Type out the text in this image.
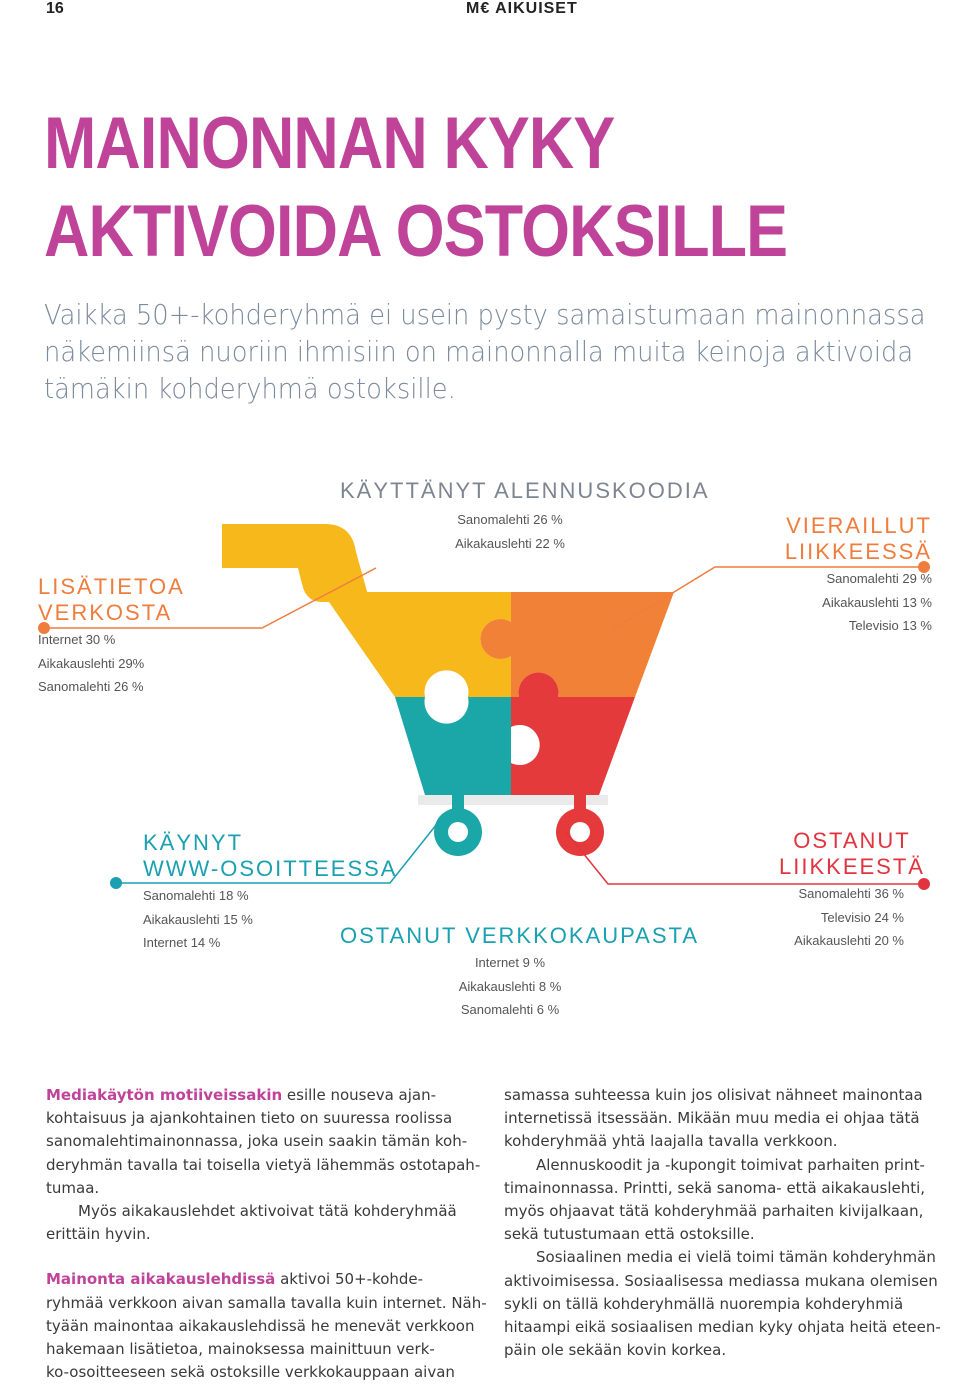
16	M€ AIKUISET
MAINONNAN KYKY
AKTIVOIDA OSTOKSILLE
Vaikka 50+-kohderyhmä ei usein pysty samaistumaan mainonnassa
näkemiinsä nuoriin ihmisiin on mainonnalla muita keinoja aktivoida
tämäkin kohderyhmä ostoksille.
LISÄTIETOA
VERKOSTA
Internet 30 %
Aikakauslehti 29%
Sanomalehti 26 %
KÄYTTÄNYT ALENNUSKOODIA
Sanomalehti 26 %
Aikakauslehti 22 %
VIERAILLUT
LIIKKEESSÄ
Sanomalehti 29 %
Aikakauslehti 13 %
Televisio 13 %
KÄYNYT
WWW-OSOITTEESSA
Sanomalehti 18 %
Aikakauslehti 15 %
Internet 14 %	OSTANUT VERKKOKAUPASTA
Internet 9 %
Aikakauslehti 8 %
Sanomalehti 6 %
OSTANUT
LIIKKEESTÄ
Sanomalehti 36 %
Televisio 24 %
Aikakauslehti 20 %

Mediakäytön motiiveissakin esille nouseva ajan-
kohtaisuus ja ajankohtainen tieto on suuressa roolissa
sanomalehtimainonnassa, joka usein saakin tämän koh-
deryhmän tavalla tai toisella vietyä lähemmäs ostotapah-
tumaa.

Myös aikakauslehdet aktivoivat tätä kohderyhmää
erittäin hyvin.

Mainonta aikakauslehdissä aktivoi 50+-kohde-
ryhmää verkkoon aivan samalla tavalla kuin internet. Näh-
tyään mainontaa aikakauslehdissä he menevät verkkoon
hakemaan lisätietoa, mainoksessa mainittuun verk-
ko-osoitteeseen sekä ostoksille verkkokauppaan aivan

samassa suhteessa kuin jos olisivat nähneet mainontaa
internetissä itsessään. Mikään muu media ei ohjaa tätä
kohderyhmää yhtä laajalla tavalla verkkoon.

Alennuskoodit ja -kupongit toimivat parhaiten print-
timainonnassa. Printti, sekä sanoma- että aikakauslehti,
myös ohjaavat tätä kohderyhmää parhaiten kivijalkaan,
sekä tutustumaan että ostoksille.

Sosiaalinen media ei vielä toimi tämän kohderyhmän
aktivoimisessa. Sosiaalisessa mediassa mukana olemisen
sykli on tällä kohderyhmällä nuorempia kohderyhmiä
hitaampi eikä sosiaalisen median kyky ohjata heitä eteen-
päin ole sekään kovin korkea.
